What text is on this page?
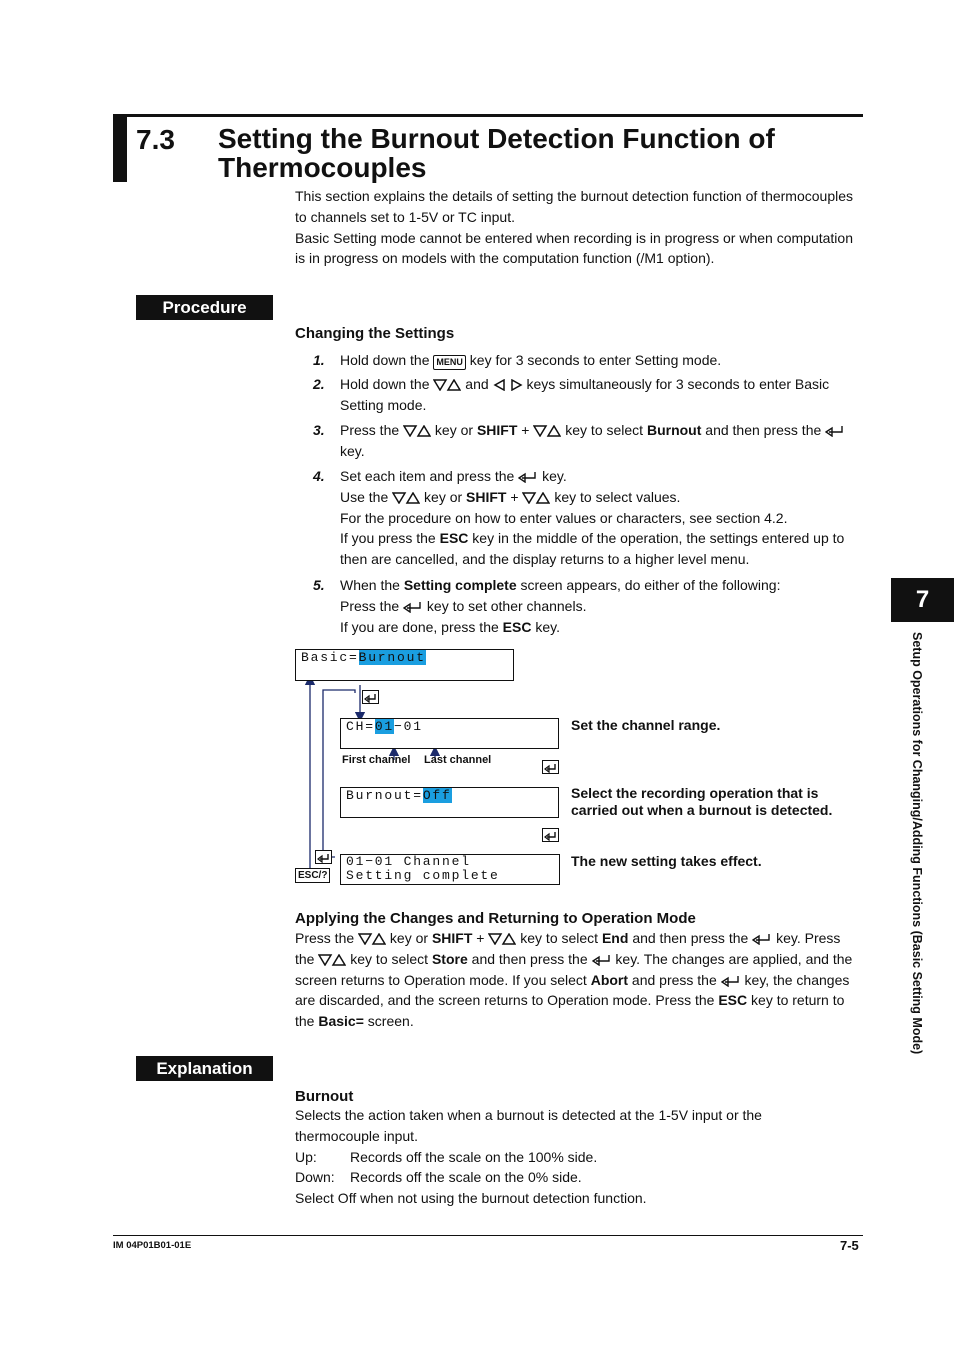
7.3 Setting the Burnout Detection Function of Thermocouples
This section explains the details of setting the burnout detection function of thermocouples to channels set to 1-5V or TC input.
Basic Setting mode cannot be entered when recording is in progress or when computation is in progress on models with the computation function (/M1 option).
Procedure
Changing the Settings
1. Hold down the MENU key for 3 seconds to enter Setting mode.
2. Hold down the	and	keys simultaneously for 3 seconds to enter Basic Setting mode.
3. Press the	key or SHIFT +	key to select Burnout and then press the  key.
4. Set each item and press the key.
Use the	key or SHIFT +	key to select values.
For the procedure on how to enter values or characters, see section 4.2.
If you press the ESC key in the middle of the operation, the settings entered up to then are cancelled, and the display returns to a higher level menu.
5. When the Setting complete screen appears, do either of the following:
Press the key to set other channels.
If you are done, press the ESC key.
Basic=Burnout
CH=01−01
First channel Last channel
Set the channel range.
Burnout=Off	Select the recording operation that is carried out when a burnout is detected.
ESC/?
01−01 Channel
Setting complete
The new setting takes effect.
Applying the Changes and Returning to Operation Mode
Press the	key or SHIFT +	key to select End and then press the key. Press the	key to select Store and then press the key. The changes are applied, and the screen returns to Operation mode. If you select Abort and press the key, the changes are discarded, and the screen returns to Operation mode. Press the ESC key to return to the Basic= screen.
Explanation
Burnout
Selects the action taken when a burnout is detected at the 1-5V input or the thermocouple input.
Up: Records off the scale on the 100% side.
Down: Records off the scale on the 0% side.
Select Off when not using the burnout detection function.
7
Setup Operations for Changing/Adding Functions (Basic Setting Mode)
IM 04P01B01-01E	7-5
